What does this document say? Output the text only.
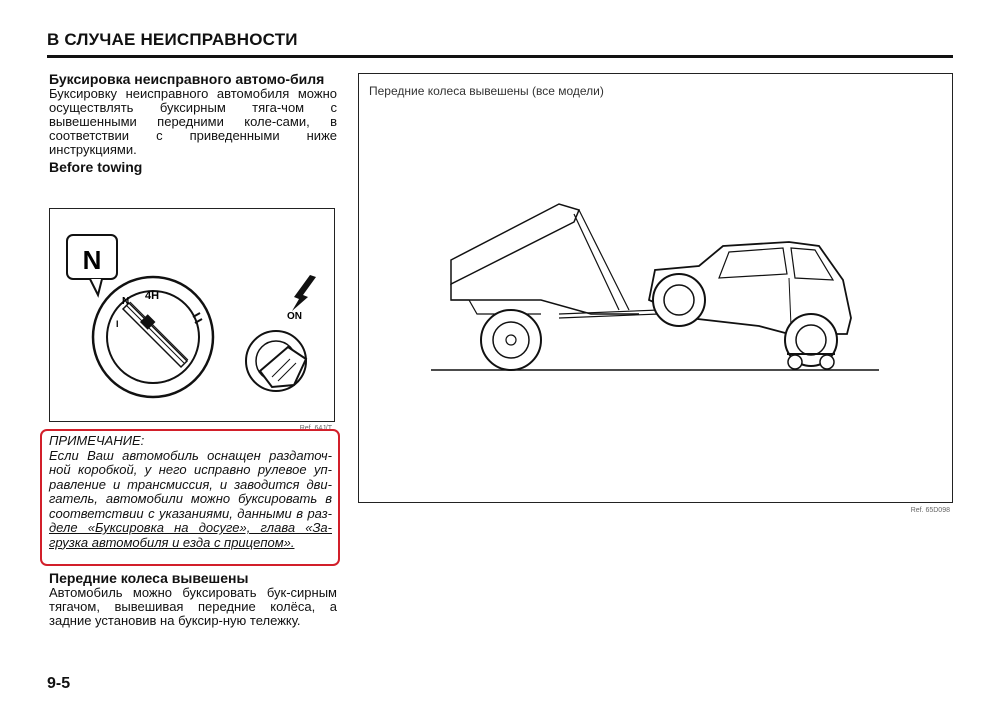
В СЛУЧАЕ НЕИСПРАВНОСТИ
Буксировка неисправного автомо-биля
Буксировку неисправного автомобиля можно осуществлять буксирным тяга-чом с вывешенными передними коле-сами, в соответствии с приведенными ниже инструкциями.
Before towing
N
N 4H
I
ON
Ref. 64J/T
ПРИМЕЧАНИЕ:
Если Ваш автомобиль оснащен раздаточ-ной коробкой, у него исправно рулевое уп-равление и трансмиссия, и заводится дви-гатель, автомобили можно буксировать в соответствии с указаниями, данными в раз- деле «Буксировка на досуге», глава «За-грузка автомобиля и езда с прицепом».
Передние колеса вывешены
Автомобиль можно буксировать бук-сирным тягачом, вывешивая передние колёса, а задние установив на буксир-ную тележку.
Передние колеса вывешены (все модели)
Ref. 65D098
9-5
